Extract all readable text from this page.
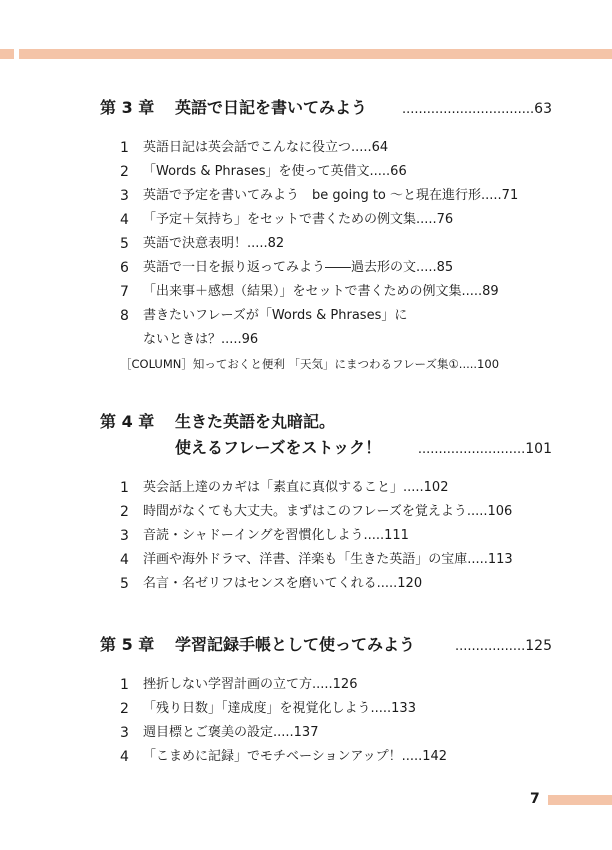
第 3 章 英語で日記を書いてみよう	................................63
1 英語日記は英会話でこんなに役立つ.....64
2 「Words & Phrases」を使って英借文.....66
3 英語で予定を書いてみよう　be going to ～と現在進行形.....71
4 「予定＋気持ち」をセットで書くための例文集.....76
5 英語で決意表明！.....82
6 英語で一日を振り返ってみよう――過去形の文.....85
7 「出来事＋感想（結果）」をセットで書くための例文集.....89
8 書きたいフレーズが「Words & Phrases」に
ないときは？.....96
［COLUMN］知っておくと便利 「天気」にまつわるフレーズ集①.....100
第 4 章 生きた英語を丸暗記。
使えるフレーズをストック！	..........................101
1 英会話上達のカギは「素直に真似すること」.....102
2 時間がなくても大丈夫。まずはこのフレーズを覚えよう.....106
3 音読・シャドーイングを習慣化しよう.....111
4 洋画や海外ドラマ、洋書、洋楽も「生きた英語」の宝庫.....113
5 名言・名ゼリフはセンスを磨いてくれる.....120
第 5 章 学習記録手帳として使ってみよう	.................125
1 挫折しない学習計画の立て方.....126
2 「残り日数」「達成度」を視覚化しよう.....133
3 週目標とご褒美の設定.....137
4 「こまめに記録」でモチベーションアップ！.....142
7
